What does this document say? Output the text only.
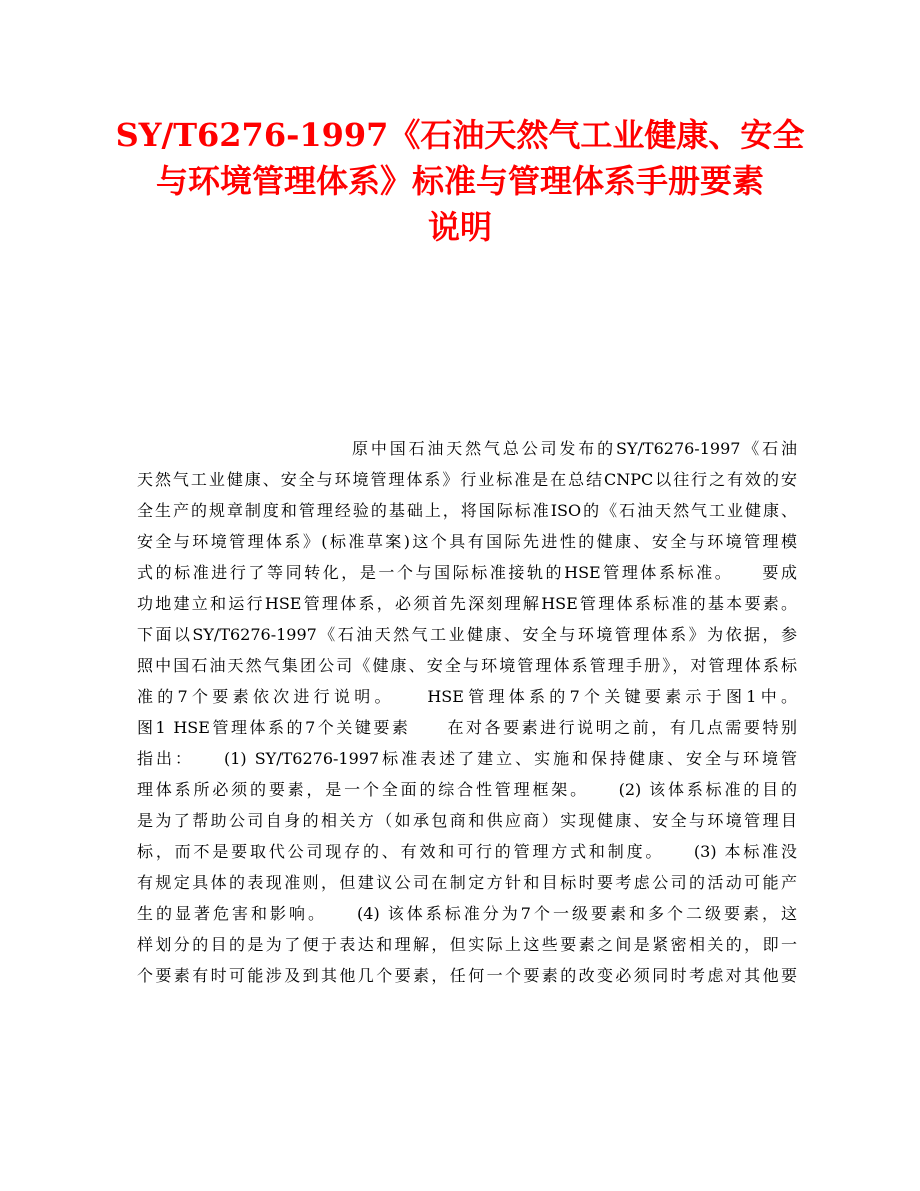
SY/T6276-1997《石油天然气工业健康、安全
与环境管理体系》标准与管理体系手册要素
说明
原中国石油天然气总公司发布的SY/T6276-1997《石油
天然气工业健康、安全与环境管理体系》行业标准是在总结CNPC以往行之有效的安
全生产的规章制度和管理经验的基础上，将国际标准ISO的《石油天然气工业健康、
安全与环境管理体系》(标准草案)这个具有国际先进性的健康、安全与环境管理模
式的标准进行了等同转化，是一个与国际标准接轨的HSE管理体系标准。　　要成
功地建立和运行HSE管理体系，必须首先深刻理解HSE管理体系标准的基本要素。
下面以SY/T6276-1997《石油天然气工业健康、安全与环境管理体系》为依据，参
照中国石油天然气集团公司《健康、安全与环境管理体系管理手册》，对管理体系标
准的7个要素依次进行说明。　　HSE管理体系的7个关键要素示于图1中。
图1 HSE管理体系的7个关键要素　　在对各要素进行说明之前，有几点需要特别
指出：　　(1) SY/T6276-1997标准表述了建立、实施和保持健康、安全与环境管
理体系所必须的要素，是一个全面的综合性管理框架。　　(2) 该体系标准的目的
是为了帮助公司自身的相关方（如承包商和供应商）实现健康、安全与环境管理目
标，而不是要取代公司现存的、有效和可行的管理方式和制度。　　(3) 本标准没
有规定具体的表现准则，但建议公司在制定方针和目标时要考虑公司的活动可能产
生的显著危害和影响。　　(4) 该体系标准分为7个一级要素和多个二级要素，这
样划分的目的是为了便于表达和理解，但实际上这些要素之间是紧密相关的，即一
个要素有时可能涉及到其他几个要素，任何一个要素的改变必须同时考虑对其他要
